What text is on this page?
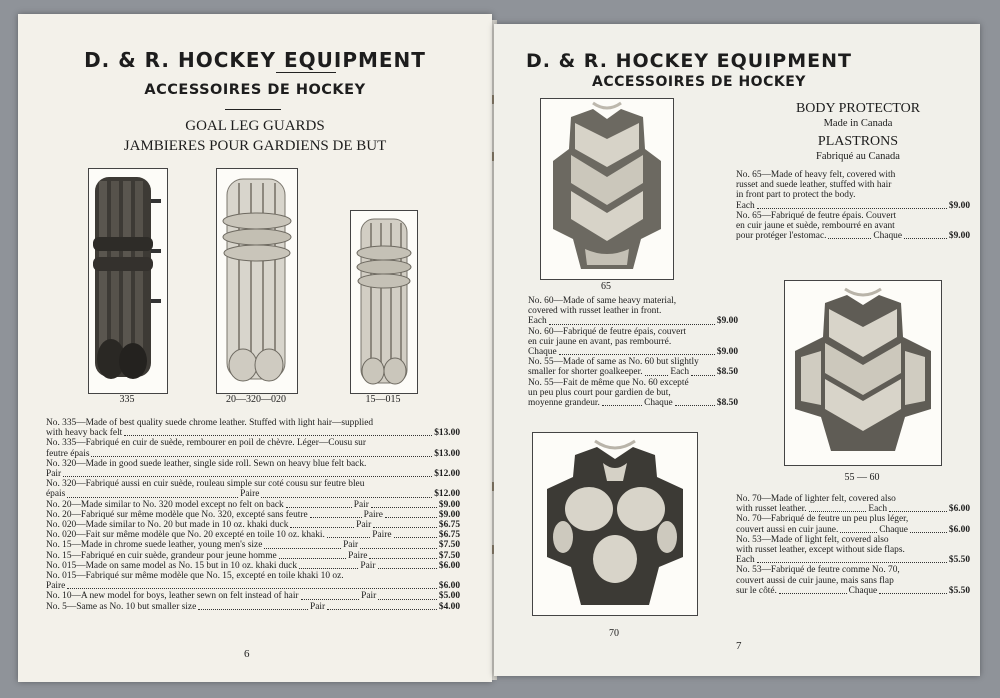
D. & R. HOCKEY EQUIPMENT
ACCESSOIRES DE HOCKEY
GOAL LEG GUARDS
JAMBIERES POUR GARDIENS DE BUT
335	20—320—020	15—015
No. 335—Made of best quality suede chrome leather. Stuffed with light hair—supplied
with heavy back felt	$13.00
No. 335—Fabriqué en cuir de suède, rembourer en poil de chèvre. Léger—Cousu sur
feutre épais	$13.00
No. 320—Made in good suede leather, single side roll. Sewn on heavy blue felt back.
Pair	$12.00
No. 320—Fabriqué aussi en cuir suède, rouleau simple sur coté cousu sur feutre bleu
épais	Paire	$12.00
No. 20—Made similar to No. 320 model except no felt on back	Pair	$9.00
No. 20—Fabriqué sur même modèle que No. 320, excepté sans feutre	Paire	$9.00
No. 020—Made similar to No. 20 but made in 10 oz. khaki duck	Pair	$6.75
No. 020—Fait sur même modèle que No. 20 excepté en toile 10 oz. khaki.	Paire	$6.75
No. 15—Made in chrome suede leather, young men's size	Pair	$7.50
No. 15—Fabriqué en cuir suède, grandeur pour jeune homme	Paire	$7.50
No. 015—Made on same model as No. 15 but in 10 oz. khaki duck	Pair	$6.00
No. 015—Fabriqué sur même modèle que No. 15, excepté en toile khaki 10 oz.
Paire	$6.00
No. 10—A new model for boys, leather sewn on felt instead of hair	Pair	$5.00
No. 5—Same as No. 10 but smaller size	Pair	$4.00
6
D. & R. HOCKEY EQUIPMENT
ACCESSOIRES DE HOCKEY
65
BODY PROTECTOR
Made in Canada
PLASTRONS
Fabriqué au Canada
No. 65—Made of heavy felt, covered with
russet and suede leather, stuffed with hair
in front part to protect the body.
Each	$9.00
No. 65—Fabriqué de feutre épais. Couvert
en cuir jaune et suède, rembourré en avant
pour protéger l'estomac.	Chaque	$9.00
No. 60—Made of same heavy material,
covered with russet leather in front.
Each	$9.00
No. 60—Fabriqué de feutre épais, couvert
en cuir jaune en avant, pas rembourré.
Chaque	$9.00
No. 55—Made of same as No. 60 but slightly
smaller for shorter goalkeeper.	Each	$8.50
No. 55—Fait de même que No. 60 excepté
un peu plus court pour gardien de but,
moyenne grandeur.	Chaque	$8.50
55 — 60
70
No. 70—Made of lighter felt, covered also
with russet leather.	Each	$6.00
No. 70—Fabriqué de feutre un peu plus léger,
couvert aussi en cuir jaune.	Chaque	$6.00
No. 53—Made of light felt, covered also
with russet leather, except without side flaps.
Each	$5.50
No. 53—Fabriqué de feutre comme No. 70,
couvert aussi de cuir jaune, mais sans flap
sur le côté.	Chaque	$5.50
7
